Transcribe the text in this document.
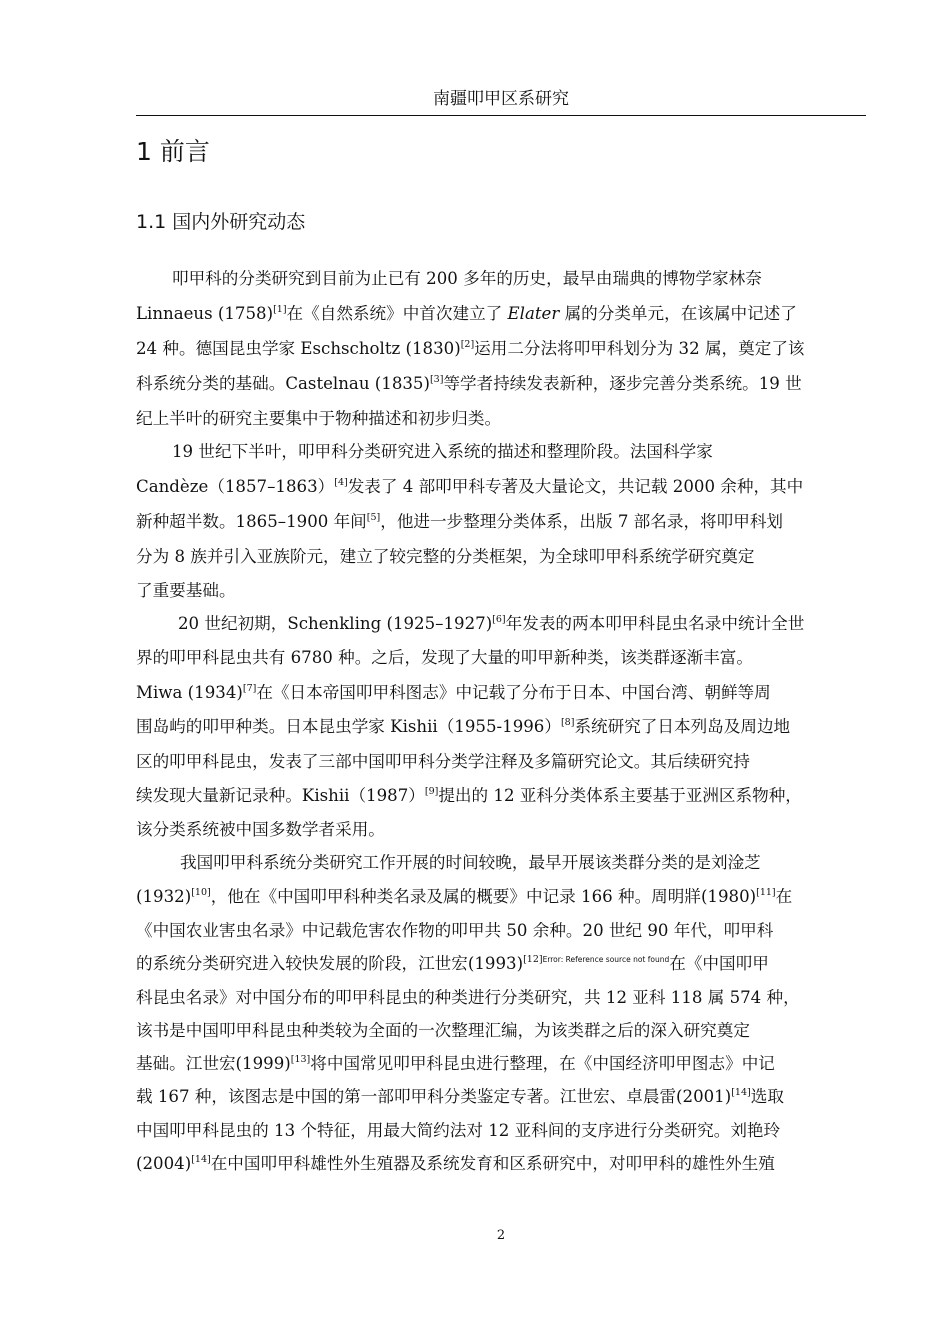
南疆叩甲区系研究
1 前言
1.1 国内外研究动态
叩甲科的分类研究到目前为止已有 200 多年的历史，最早由瑞典的博物学家林奈
Linnaeus (1758)[1]在《自然系统》中首次建立了 Elater 属的分类单元，在该属中记述了
24 种。德国昆虫学家 Eschscholtz (1830)[2]运用二分法将叩甲科划分为 32 属，奠定了该
科系统分类的基础。Castelnau (1835)[3]等学者持续发表新种，逐步完善分类系统。19 世
纪上半叶的研究主要集中于物种描述和初步归类。
19 世纪下半叶，叩甲科分类研究进入系统的描述和整理阶段。法国科学家
Candèze（1857–1863）[4]发表了 4 部叩甲科专著及大量论文，共记载 2000 余种，其中
新种超半数。1865–1900 年间[5]，他进一步整理分类体系，出版 7 部名录，将叩甲科划
分为 8 族并引入亚族阶元，建立了较完整的分类框架，为全球叩甲科系统学研究奠定
了重要基础。
20 世纪初期，Schenkling (1925–1927)[6]年发表的两本叩甲科昆虫名录中统计全世
界的叩甲科昆虫共有 6780 种。之后，发现了大量的叩甲新种类，该类群逐渐丰富。
Miwa (1934)[7]在《日本帝国叩甲科图志》中记载了分布于日本、中国台湾、朝鲜等周
围岛屿的叩甲种类。日本昆虫学家 Kishii（1955-1996）[8]系统研究了日本列岛及周边地
区的叩甲科昆虫，发表了三部中国叩甲科分类学注释及多篇研究论文。其后续研究持
续发现大量新记录种。Kishii（1987）[9]提出的 12 亚科分类体系主要基于亚洲区系物种，
该分类系统被中国多数学者采用。
我国叩甲科系统分类研究工作开展的时间较晚，最早开展该类群分类的是刘淦芝
(1932)[10]，他在《中国叩甲科种类名录及属的概要》中记录 166 种。周明牂(1980)[11]在
《中国农业害虫名录》中记载危害农作物的叩甲共 50 余种。20 世纪 90 年代，叩甲科
的系统分类研究进入较快发展的阶段，江世宏$(1993)^{[12]Error: Reference source not found}$在《中国叩甲
科昆虫名录》对中国分布的叩甲科昆虫的种类进行分类研究，共 12 亚科 118 属 574 种，
该书是中国叩甲科昆虫种类较为全面的一次整理汇编，为该类群之后的深入研究奠定
基础。江世宏(1999)[13]将中国常见叩甲科昆虫进行整理，在《中国经济叩甲图志》中记
载 167 种，该图志是中国的第一部叩甲科分类鉴定专著。江世宏、卓晨雷(2001)[14]选取
中国叩甲科昆虫的 13 个特征，用最大简约法对 12 亚科间的支序进行分类研究。刘艳玲
(2004)[14]在中国叩甲科雄性外生殖器及系统发育和区系研究中，对叩甲科的雄性外生殖
2
